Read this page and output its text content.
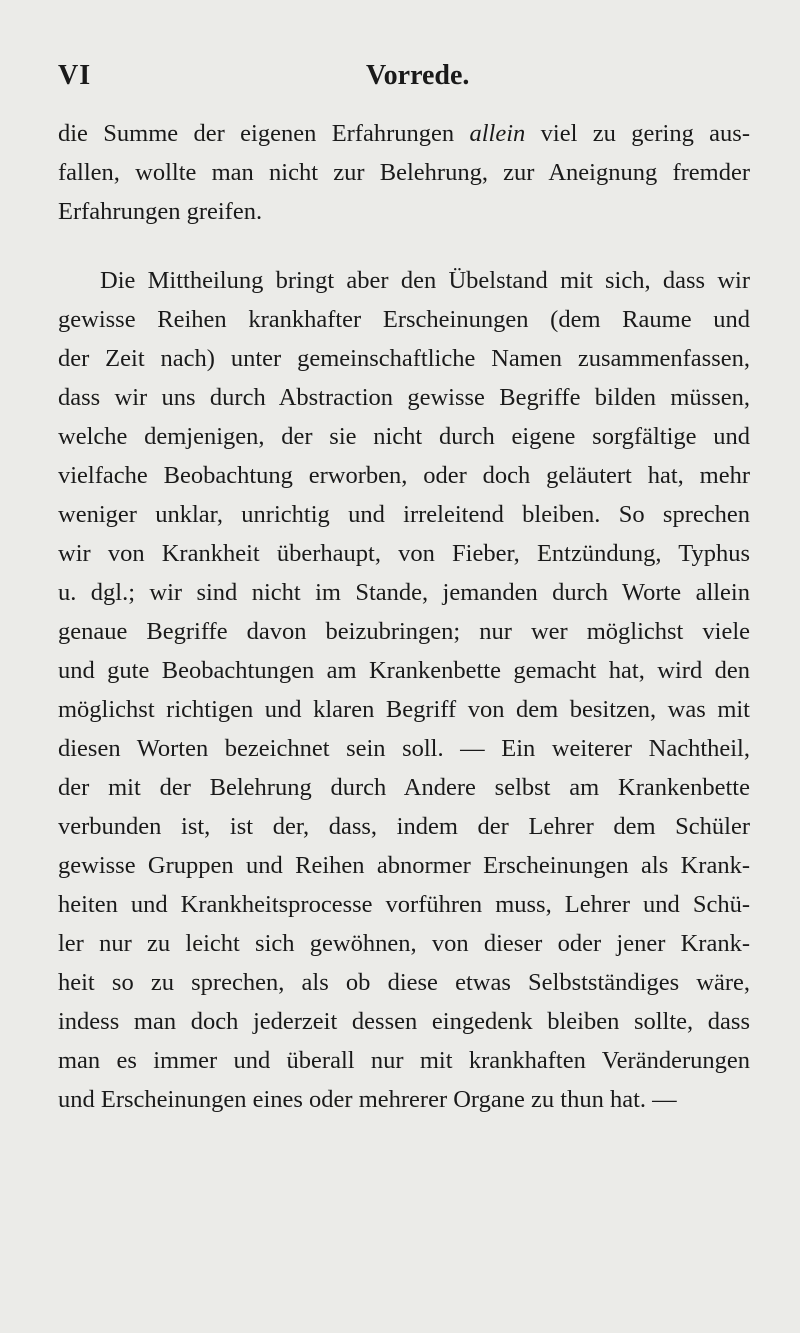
VI	Vorrede.
die Summe der eigenen Erfahrungen allein viel zu gering aus-
fallen, wollte man nicht zur Belehrung, zur Aneignung fremder
Erfahrungen greifen.
Die Mittheilung bringt aber den Übelstand mit sich, dass wir
gewisse Reihen krankhafter Erscheinungen (dem Raume und
der Zeit nach) unter gemeinschaftliche Namen zusammenfassen,
dass wir uns durch Abstraction gewisse Begriffe bilden müssen,
welche demjenigen, der sie nicht durch eigene sorgfältige und
vielfache Beobachtung erworben, oder doch geläutert hat, mehr
weniger unklar, unrichtig und irreleitend bleiben. So sprechen
wir von Krankheit überhaupt, von Fieber, Entzündung, Typhus
u. dgl.; wir sind nicht im Stande, jemanden durch Worte allein
genaue Begriffe davon beizubringen; nur wer möglichst viele
und gute Beobachtungen am Krankenbette gemacht hat, wird den
möglichst richtigen und klaren Begriff von dem besitzen, was mit
diesen Worten bezeichnet sein soll. — Ein weiterer Nachtheil,
der mit der Belehrung durch Andere selbst am Krankenbette
verbunden ist, ist der, dass, indem der Lehrer dem Schüler
gewisse Gruppen und Reihen abnormer Erscheinungen als Krank-
heiten und Krankheitsprocesse vorführen muss, Lehrer und Schü-
ler nur zu leicht sich gewöhnen, von dieser oder jener Krank-
heit so zu sprechen, als ob diese etwas Selbstständiges wäre,
indess man doch jederzeit dessen eingedenk bleiben sollte, dass
man es immer und überall nur mit krankhaften Veränderungen
und Erscheinungen eines oder mehrerer Organe zu thun hat. —
